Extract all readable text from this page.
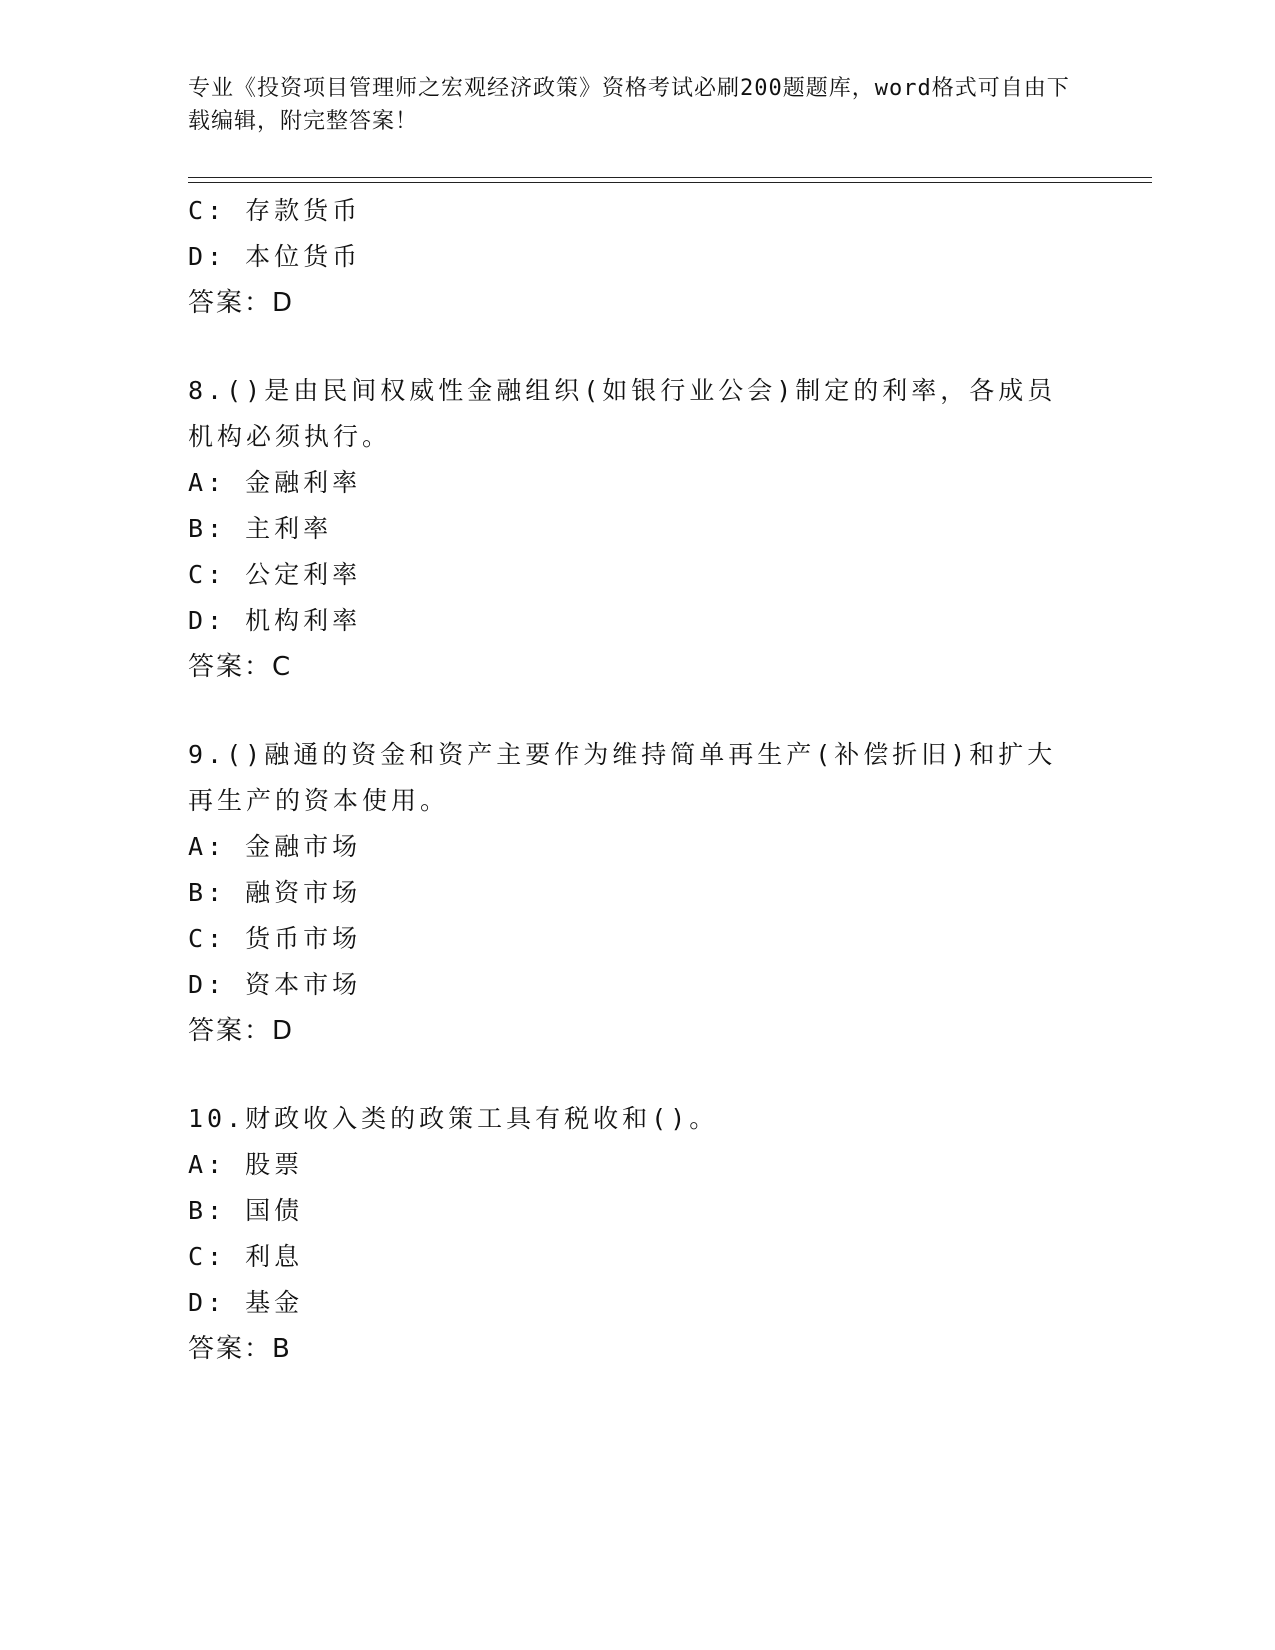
专业《投资项目管理师之宏观经济政策》资格考试必刷200题题库，word格式可自由下载编辑，附完整答案！
C: 存款货币
D: 本位货币
答案：D
8.()是由民间权威性金融组织(如银行业公会)制定的利率，各成员机构必须执行。
A: 金融利率
B: 主利率
C: 公定利率
D: 机构利率
答案：C
9.()融通的资金和资产主要作为维持简单再生产(补偿折旧)和扩大再生产的资本使用。
A: 金融市场
B: 融资市场
C: 货币市场
D: 资本市场
答案：D
10.财政收入类的政策工具有税收和()。
A: 股票
B: 国债
C: 利息
D: 基金
答案：B
